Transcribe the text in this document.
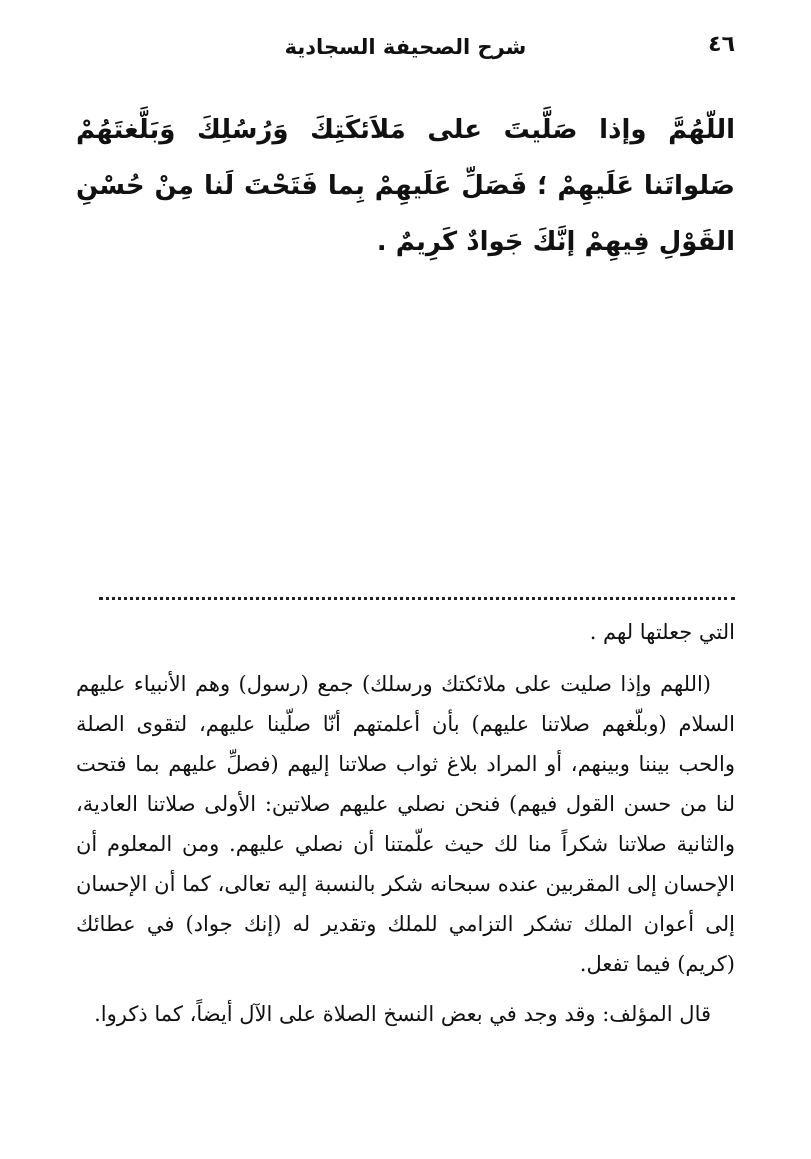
٤٦
شرح الصحيفة السجادية

اللّهُمَّ وإذا صَلَّيتَ على مَلاَئكَتِكَ وَرُسُلِكَ وَبَلَّغتَهُمْ صَلواتَنا عَلَيهِمْ ؛ فَصَلِّ عَلَيهِمْ بِما فَتَحْتَ لَنا مِنْ حُسْنِ القَوْلِ فِيهِمْ إنَّكَ جَوادٌ كَرِيمٌ .

التي جعلتها لهم .

(اللهم وإذا صليت على ملائكتك ورسلك) جمع (رسول) وهم الأنبياء عليهم السلام (وبلّغهم صلاتنا عليهم) بأن أعلمتهم أنّا صلّينا عليهم، لتقوى الصلة والحب بيننا وبينهم، أو المراد بلاغ ثواب صلاتنا إليهم (فصلِّ عليهم بما فتحت لنا من حسن القول فيهم) فنحن نصلي عليهم صلاتين: الأولى صلاتنا العادية، والثانية صلاتنا شكراً منا لك حيث علّمتنا أن نصلي عليهم. ومن المعلوم أن الإحسان إلى المقربين عنده سبحانه شكر بالنسبة إليه تعالى، كما أن الإحسان إلى أعوان الملك تشكر التزامي للملك وتقدير له (إنك جواد) في عطائك (كريم) فيما تفعل.

قال المؤلف: وقد وجد في بعض النسخ الصلاة على الآل أيضاً، كما ذكروا.
